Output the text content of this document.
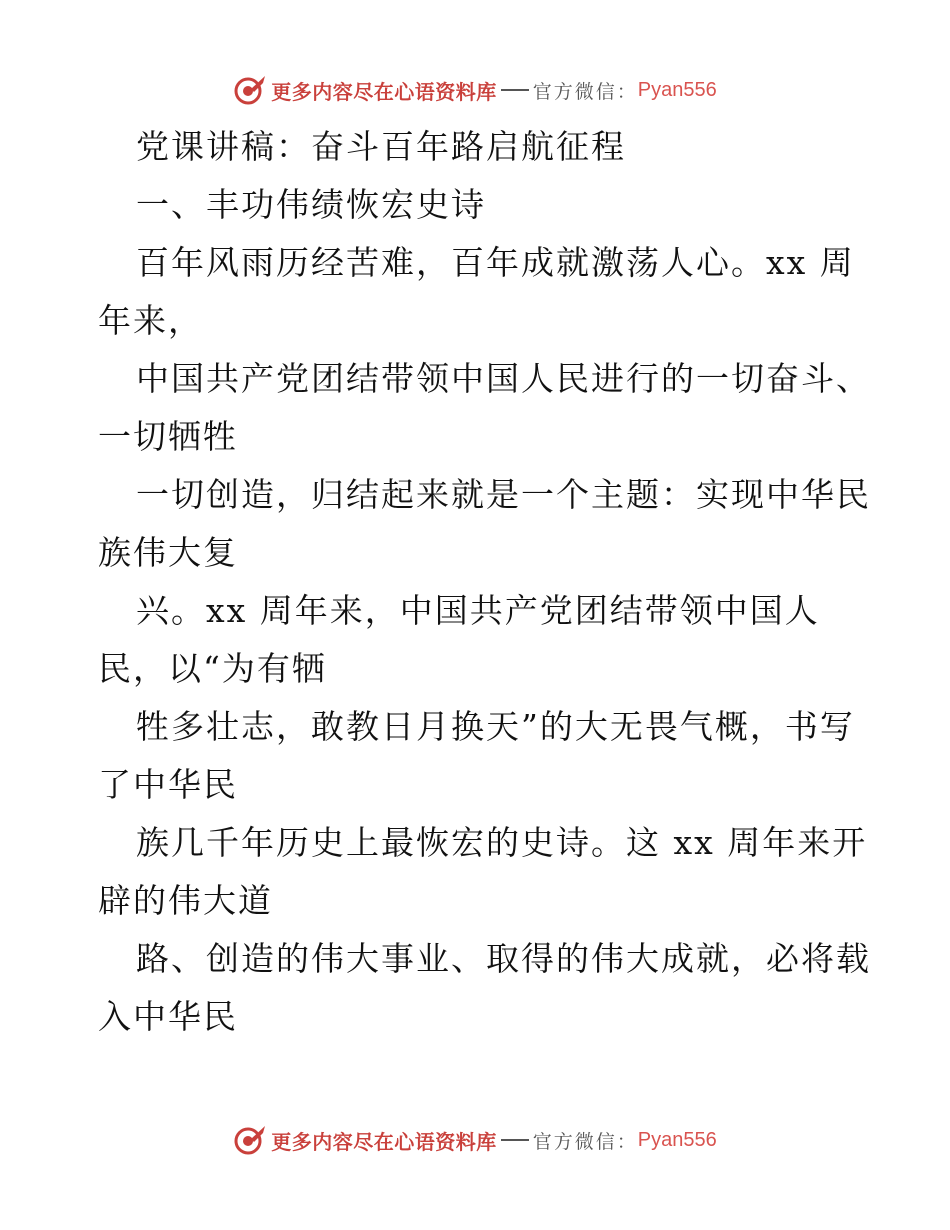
更多内容尽在心语资料库 官方微信： Pyan556
党课讲稿：奋斗百年路启航征程
一、丰功伟绩恢宏史诗
百年风雨历经苦难，百年成就激荡人心。xx 周
年来，
中国共产党团结带领中国人民进行的一切奋斗、
一切牺牲
一切创造，归结起来就是一个主题：实现中华民
族伟大复
兴。xx 周年来，中国共产党团结带领中国人
民，以“为有牺
牲多壮志，敢教日月换天”的大无畏气概，书写
了中华民
族几千年历史上最恢宏的史诗。这 xx 周年来开
辟的伟大道
路、创造的伟大事业、取得的伟大成就，必将载
入中华民
更多内容尽在心语资料库 官方微信： Pyan556
